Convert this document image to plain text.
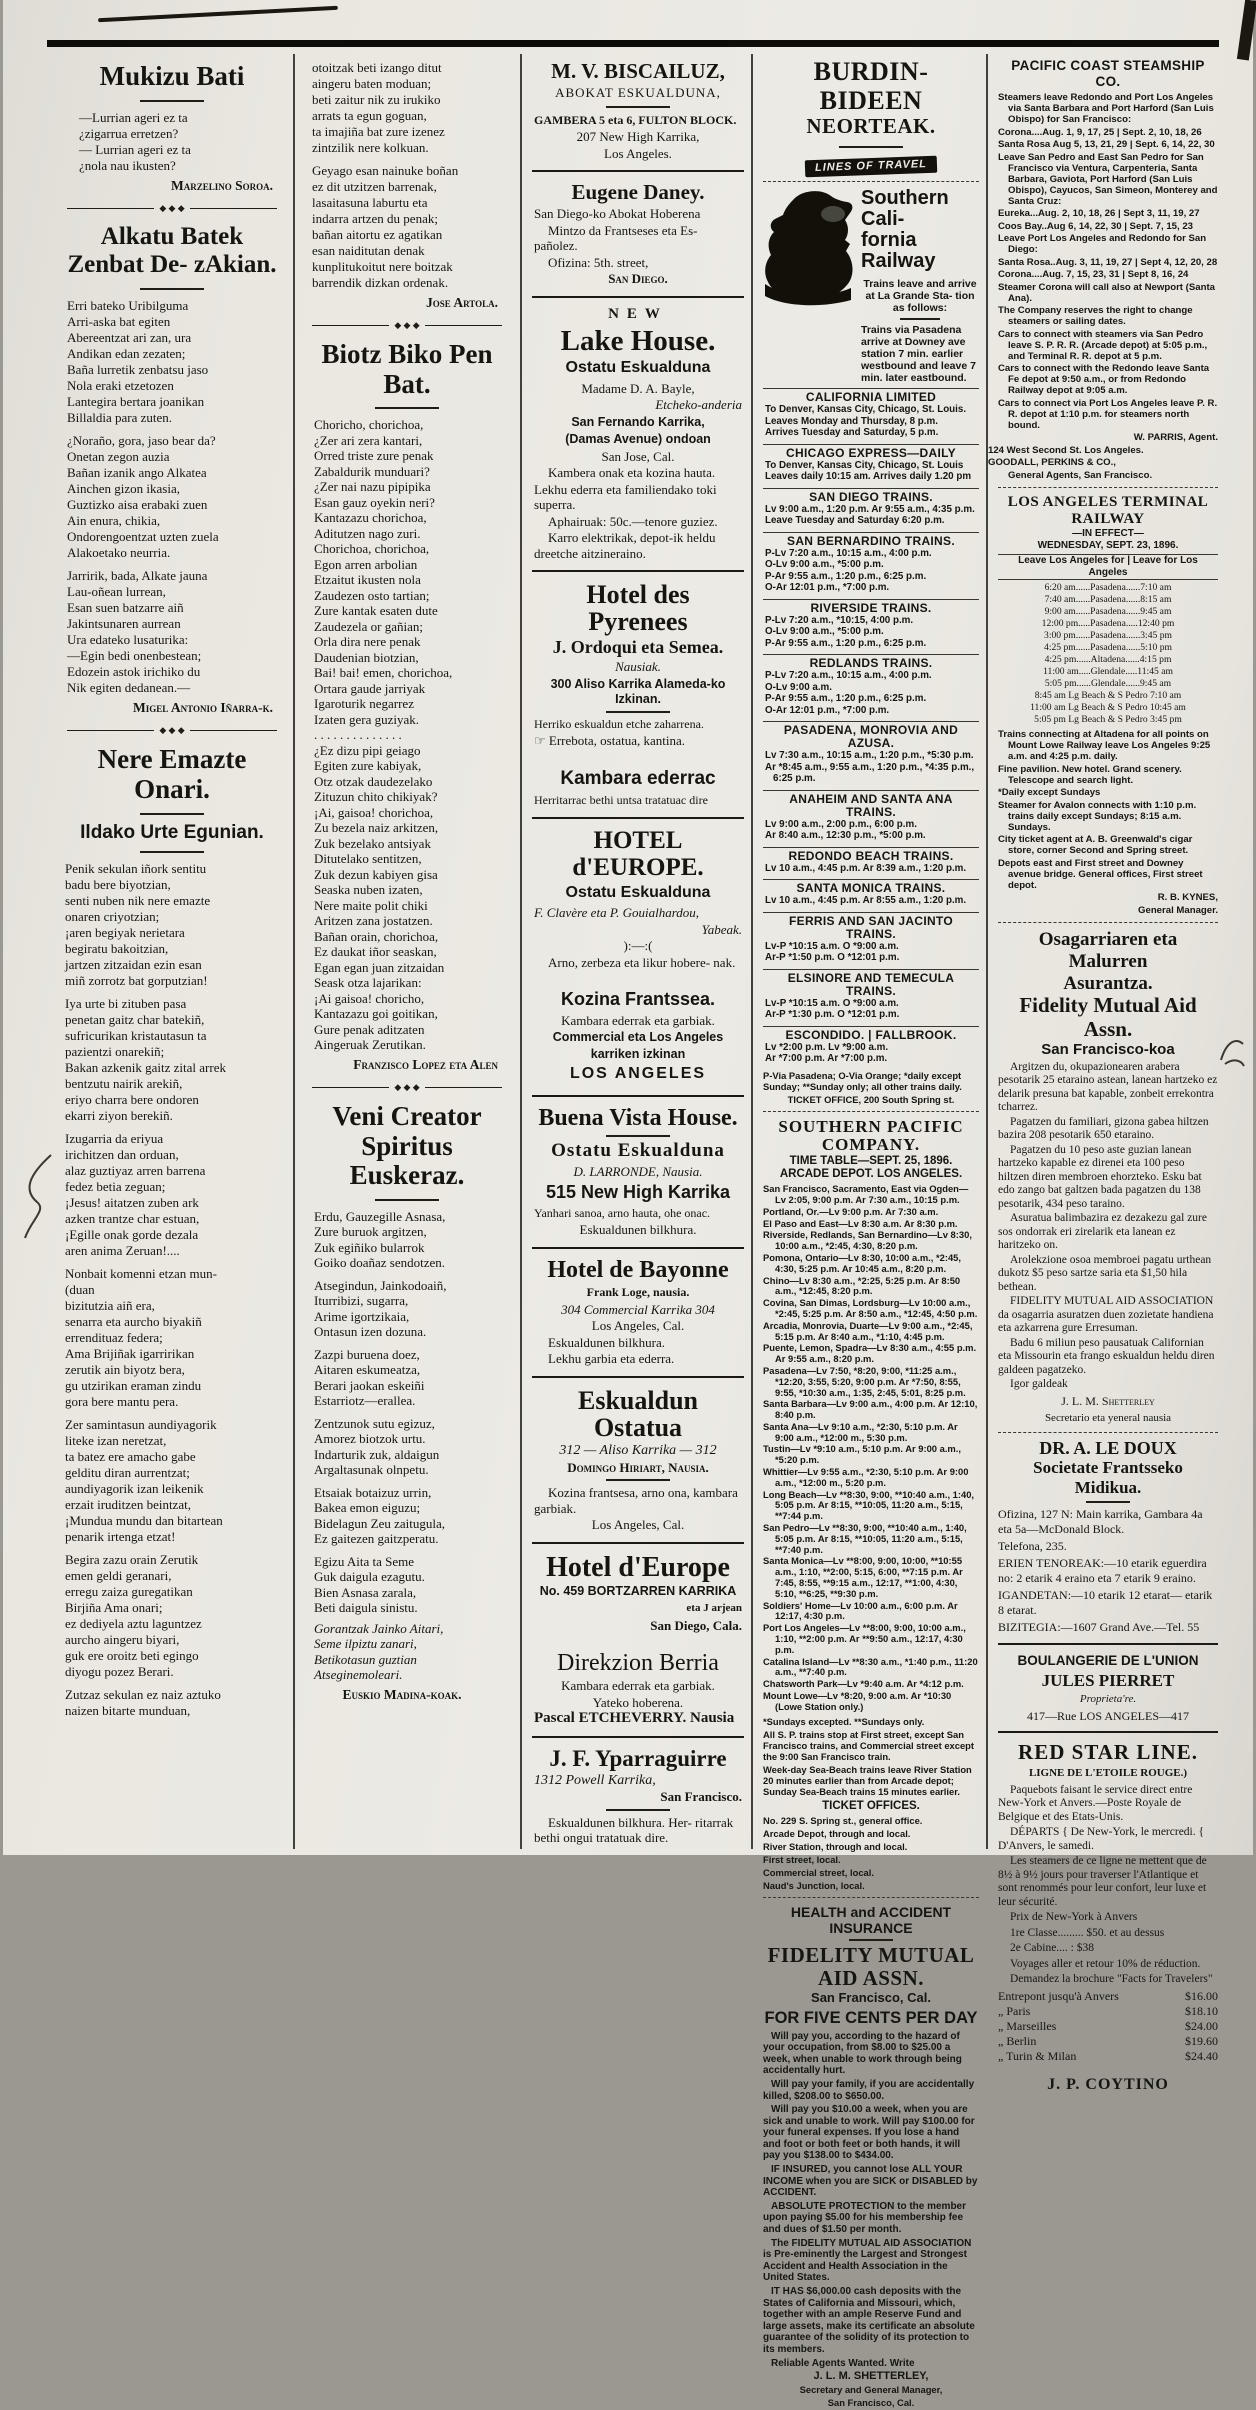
Mukizu Bati
—Lurrian ageri ez ta
¿zigarrua erretzen?
— Lurrian ageri ez ta
¿nola nau ikusten?
Marzelino Soroa.
◆ ◆ ◆
Alkatu Batek Zenbat De- zAkian.
Erri bateko Uribilguma
Arri-aska bat egiten
Abereentzat ari zan, ura
Andikan edan zezaten;
Baña lurretik zenbatsu jaso
Nola eraki etzetozen
Lantegira bertara joanikan
Billaldia para zuten.
¿Noraño, gora, jaso bear da?
Onetan zegon auzia
Bañan izanik ango Alkatea
Ainchen gizon ikasia,
Guztizko aisa erabaki zuen
Ain enura, chikia,
Ondorengoentzat uzten zuela
Alakoetako neurria.
Jarririk, bada, Alkate jauna
Lau-oñean lurrean,
Esan suen batzarre aiñ
Jakintsunaren aurrean
Ura edateko lusaturika:
—Egin bedi onenbestean;
Edozein astok irichiko du
Nik egiten dedanean.—
Migel Antonio Iñarra-k.
◆ ◆ ◆
Nere Emazte Onari.
Ildako Urte Egunian.
Penik sekulan iñork sentitu
badu bere biyotzian,
senti nuben nik nere emazte
onaren criyotzian;
¡aren begiyak nerietara
begiratu bakoitzian,
jartzen zitzaidan ezin esan
miñ zorrotz bat gorputzian!
Iya urte bi zituben pasa
penetan gaitz char batekiñ,
sufricurikan kristautasun ta
pazientzi onarekiñ;
Bakan azkenik gaitz zital arrek
bentzutu nairik arekiñ,
eriyo charra bere ondoren
ekarri ziyon berekiñ.
Izugarria da eriyua
irichitzen dan orduan,
alaz guztiyaz arren barrena
fedez betia zeguan;
¡Jesus! aitatzen zuben ark
azken trantze char estuan,
¡Egille onak gorde dezala
aren anima Zeruan!....
Nonbait komenni etzan mun-
(duan
bizitutzia aiñ era,
senarra eta aurcho biyakiñ
errendituaz federa;
Ama Brijiñak igarririkan
zerutik ain biyotz bera,
gu utzirikan eraman zindu
gora bere mantu pera.
Zer samintasun aundiyagorik
liteke izan neretzat,
ta batez ere amacho gabe
gelditu diran aurrentzat;
aundiyagorik izan leikenik
erzait iruditzen beintzat,
¡Mundua mundu dan bitartean
penarik irtenga etzat!
Begira zazu orain Zerutik
emen geldi geranari,
erregu zaiza guregatikan
Birjiña Ama onari;
ez dediyela aztu laguntzez
aurcho aingeru biyari,
guk ere oroitz beti egingo
diyogu pozez Berari.
Zutzaz sekulan ez naiz aztuko
naizen bitarte munduan,
otoitzak beti izango ditut
aingeru baten moduan;
beti zaitur nik zu irukiko
arrats ta egun goguan,
ta imajiña bat zure izenez
zintzilik nere kolkuan.
Geyago esan nainuke boñan
ez dit utzitzen barrenak,
lasaitasuna laburtu eta
indarra artzen du penak;
bañan aitortu ez agatikan
esan naiditutan denak
kunplitukoitut nere boitzak
barrendik dizkan ordenak.
Jose Artola.
◆ ◆ ◆
Biotz Biko Pen Bat.
Choricho, chorichoa,
¿Zer ari zera kantari,
Orred triste zure penak
Zabaldurik munduari?
¿Zer nai nazu pipipika
Esan gauz oyekin neri?
Kantazazu chorichoa,
Aditutzen nago zuri.
Chorichoa, chorichoa,
Egon arren arbolian
Etzaitut ikusten nola
Zaudezen osto tartian;
Zure kantak esaten dute
Zaudezela or gañian;
Orla dira nere penak
Daudenian biotzian,
Bai! bai! emen, chorichoa,
Ortara gaude jarriyak
Igaroturik negarrez
Izaten gera guziyak.
. . . . . . . . . . . . . .
¿Ez dizu pipi geiago
Egiten zure kabiyak,
Otz otzak daudezelako
Zituzun chito chikiyak?
¡Ai, gaisoa! chorichoa,
Zu bezela naiz arkitzen,
Zuk bezelako antsiyak
Ditutelako sentitzen,
Zuk dezun kabiyen gisa
Seaska nuben izaten,
Nere maite polit chiki
Aritzen zana jostatzen.
Bañan orain, chorichoa,
Ez daukat iñor seaskan,
Egan egan juan zitzaidan
Seask otza lajarikan:
¡Ai gaisoa! choricho,
Kantazazu goi goitikan,
Gure penak aditzaten
Aingeruak Zerutikan.
Franzisco Lopez eta Alen
◆ ◆ ◆
Veni Creator Spiritus Euskeraz.
Erdu, Gauzegille Asnasa,
Zure buruok argitzen,
Zuk egiñiko bularrok
Goiko doañaz sendotzen.
Atsegindun, Jainkodoaiñ,
Iturribizi, sugarra,
Arime igortzikaia,
Ontasun izen dozuna.
Zazpi buruena doez,
Aitaren eskumeatza,
Berari jaokan eskeiñi
Estarriotz—erallea.
Zentzunok sutu egizuz,
Amorez biotzok urtu.
Indarturik zuk, aldaigun
Argaltasunak olnpetu.
Etsaiak botaizuz urrin,
Bakea emon eiguzu;
Bidelagun Zeu zaitugula,
Ez gaitezen gaitzperatu.
Egizu Aita ta Seme
Guk daigula ezagutu.
Bien Asnasa zarala,
Beti daigula sinistu.
Gorantzak Jainko Aitari,
Seme ilpiztu zanari,
Betikotasun guztian
Atseginemoleari.
Euskio Madina-koak.
M. V. BISCAILUZ,
ABOKAT ESKUALDUNA,
GAMBERA 5 eta 6, FULTON BLOCK.
207 New High Karrika,
Los Angeles.
Eugene Daney.
San Diego-ko Abokat Hoberena
Mintzo da Frantseses eta Es- pañolez.
Ofizina: 5th. street,
San Diego.
NEW
Lake House.
Ostatu Eskualduna
Madame D. A. Bayle,
Etcheko-anderia
San Fernando Karrika,
(Damas Avenue) ondoan
San Jose, Cal.
Kambera onak eta kozina hauta.
Lekhu ederra eta familiendako toki superra.
Aphairuak: 50c.—tenore guziez.
Karro elektrikak, depot-ik heldu dreetche aitzineraino.
Hotel des Pyrenees
J. Ordoqui eta Semea.
Nausiak.
300 Aliso Karrika Alameda-ko Izkinan.
Herriko eskualdun etche zaharrena.
☞ Errebota, ostatua, kantina.
Kambara ederrac
Herritarrac bethi untsa tratatuac dire
HOTEL d'EUROPE.
Ostatu Eskualduna
F. Clavère eta P. Gouialhardou,
Yabeak.
):—:(
Arno, zerbeza eta likur hobere- nak.
Kozina Frantssea.
Kambara ederrak eta garbiak.
Commercial eta Los Angeles
karriken izkinan
LOS ANGELES
Buena Vista House.
Ostatu Eskualduna
D. LARRONDE, Nausia.
515 New High Karrika
Yanhari sanoa, arno hauta, ohe onac.
Eskualdunen bilkhura.
Hotel de Bayonne
Frank Loge, nausia.
304 Commercial Karrika 304
Los Angeles, Cal.
Eskualdunen bilkhura.
Lekhu garbia eta ederra.
Eskualdun Ostatua
312 — Aliso Karrika — 312
Domingo Hiriart, Nausia.
Kozina frantsesa, arno ona, kambara garbiak.
Los Angeles, Cal.
Hotel d'Europe
No. 459 BORTZARREN KARRIKA
eta J arjean
San Diego, Cala.
Direkzion Berria
Kambara ederrak eta garbiak.
Yateko hoberena.
Pascal ETCHEVERRY. Nausia
J. F. Yparraguirre
1312 Powell Karrika,
San Francisco.
Eskualdunen bilkhura. Her- ritarrak bethi ongui tratatuak dire.
BURDIN-BIDEEN
NEORTEAK.
LINES OF TRAVEL
Southern Cali-
fornia Railway
Trains leave and arrive at La Grande Sta- tion as follows:
Trains via Pasadena arrive at Downey ave station 7 min. earlier westbound and leave 7 min. later eastbound.
CALIFORNIA LIMITED
To Denver, Kansas City, Chicago, St. Louis.
Leaves Monday and Thursday, 8 p.m.
Arrives Tuesday and Saturday, 5 p.m.
CHICAGO EXPRESS—DAILY
To Denver, Kansas City, Chicago, St. Louis
Leaves daily 10:15 am. Arrives daily 1.20 pm
SAN DIEGO TRAINS.
Lv 9:00 a.m., 1:20 p.m. Ar 9:55 a.m., 4:35 p.m.
Leave Tuesday and Saturday 6:20 p.m.
SAN BERNARDINO TRAINS.
P-Lv 7:20 a.m., 10:15 a.m., 4:00 p.m.
O-Lv 9:00 a.m., *5:00 p.m.
P-Ar 9:55 a.m., 1:20 p.m., 6:25 p.m.
O-Ar 12:01 p.m., *7:00 p.m.
RIVERSIDE TRAINS.
P-Lv 7:20 a.m., *10:15, 4:00 p.m.
O-Lv 9:00 a.m., *5:00 p.m.
P-Ar 9:55 a.m., 1:20 p.m., 6:25 p.m.
REDLANDS TRAINS.
P-Lv 7:20 a.m., 10:15 a.m., 4:00 p.m.
O-Lv 9:00 a.m.
P-Ar 9:55 a.m., 1:20 p.m., 6:25 p.m.
O-Ar 12:01 p.m., *7:00 p.m.
PASADENA, MONROVIA AND AZUSA.
Lv 7:30 a.m., 10:15 a.m., 1:20 p.m., *5:30 p.m.
Ar *8:45 a.m., 9:55 a.m., 1:20 p.m., *4:35 p.m., 6:25 p.m.
ANAHEIM AND SANTA ANA TRAINS.
Lv 9:00 a.m., 2:00 p.m., 6:00 p.m.
Ar 8:40 a.m., 12:30 p.m., *5:00 p.m.
REDONDO BEACH TRAINS.
Lv 10 a.m., 4:45 p.m. Ar 8:39 a.m., 1:20 p.m.
SANTA MONICA TRAINS.
Lv 10 a.m., 4:45 p.m. Ar 8:55 a.m., 1:20 p.m.
FERRIS AND SAN JACINTO TRAINS.
Lv-P *10:15 a.m. O *9:00 a.m.
Ar-P *1:50 p.m. O *12:01 p.m.
ELSINORE AND TEMECULA TRAINS.
Lv-P *10:15 a.m. O *9:00 a.m.
Ar-P *1:30 p.m. O *12:01 p.m.
ESCONDIDO. | FALLBROOK.
Lv *2:00 p.m. Lv *9:00 a.m.
Ar *7:00 p.m. Ar *7:00 p.m.
P-Via Pasadena; O-Via Orange; *daily except Sunday; **Sunday only; all other trains daily.
TICKET OFFICE, 200 South Spring st.
SOUTHERN PACIFIC COMPANY.
TIME TABLE—SEPT. 25, 1896.
ARCADE DEPOT. LOS ANGELES.
San Francisco, Sacramento, East via Ogden—Lv 2:05, 9:00 p.m. Ar 7:30 a.m., 10:15 p.m.
Portland, Or.—Lv 9:00 p.m. Ar 7:30 a.m.
El Paso and East—Lv 8:30 a.m. Ar 8:30 p.m.
Riverside, Redlands, San Bernardino—Lv 8:30, 10:00 a.m., *2:45, 4:30, 8:20 p.m.
Pomona, Ontario—Lv 8:30, 10:00 a.m., *2:45, 4:30, 5:25 p.m. Ar 10:45 a.m., 8:20 p.m.
Chino—Lv 8:30 a.m., *2:25, 5:25 p.m. Ar 8:50 a.m., *12:45, 8:20 p.m.
Covina, San Dimas, Lordsburg—Lv 10:00 a.m., *2:45, 5:25 p.m. Ar 8:50 a.m., *12:45, 4:50 p.m.
Arcadia, Monrovia, Duarte—Lv 9:00 a.m., *2:45, 5:15 p.m. Ar 8:40 a.m., *1:10, 4:45 p.m.
Puente, Lemon, Spadra—Lv 8:30 a.m., 4:55 p.m. Ar 9:55 a.m., 8:20 p.m.
Pasadena—Lv 7:50, *8:20, 9:00, *11:25 a.m., *12:20, 3:55, 5:20, 9:00 p.m. Ar *7:50, 8:55, 9:55, *10:30 a.m., 1:35, 2:45, 5:01, 8:25 p.m.
Santa Barbara—Lv 9:00 a.m., 4:00 p.m. Ar 12:10, 8:40 p.m.
Santa Ana—Lv 9:10 a.m., *2:30, 5:10 p.m. Ar 9:00 a.m., *12:00 m., 5:30 p.m.
Tustin—Lv *9:10 a.m., 5:10 p.m. Ar 9:00 a.m., *5:20 p.m.
Whittier—Lv 9:55 a.m., *2:30, 5:10 p.m. Ar 9:00 a.m., *12:00 m., 5:20 p.m.
Long Beach—Lv **8:30, 9:00, **10:40 a.m., 1:40, 5:05 p.m. Ar 8:15, **10:05, 11:20 a.m., 5:15, **7:44 p.m.
San Pedro—Lv **8:30, 9:00, **10:40 a.m., 1:40, 5:05 p.m. Ar 8:15, **10:05, 11:20 a.m., 5:15, **7:40 p.m.
Santa Monica—Lv **8:00, 9:00, 10:00, **10:55 a.m., 1:10, **2:00, 5:15, 6:00, **7:15 p.m. Ar 7:45, 8:55, **9:15 a.m., 12:17, **1:00, 4:30, 5:10, **6:25, **9:30 p.m.
Soldiers' Home—Lv 10:00 a.m., 6:00 p.m. Ar 12:17, 4:30 p.m.
Port Los Angeles—Lv **8:00, 9:00, 10:00 a.m., 1:10, **2:00 p.m. Ar **9:50 a.m., 12:17, 4:30 p.m.
Catalina Island—Lv **8:30 a.m., *1:40 p.m., 11:20 a.m., **7:40 p.m.
Chatsworth Park—Lv *9:40 a.m. Ar *4:12 p.m.
Mount Lowe—Lv *8:20, 9:00 a.m. Ar *10:30 (Lowe Station only.)
*Sundays excepted. **Sundays only.
All S. P. trains stop at First street, except San Francisco trains, and Commercial street except the 9:00 San Francisco train.
Week-day Sea-Beach trains leave River Station 20 minutes earlier than from Arcade depot; Sunday Sea-Beach trains 15 minutes earlier.
TICKET OFFICES.
No. 229 S. Spring st., general office.
Arcade Depot, through and local.
River Station, through and local.
First street, local.
Commercial street, local.
Naud's Junction, local.
HEALTH and ACCIDENT INSURANCE
FIDELITY MUTUAL AID ASSN.
San Francisco, Cal.
FOR FIVE CENTS PER DAY
Will pay you, according to the hazard of your occupation, from $8.00 to $25.00 a week, when unable to work through being accidentally hurt.
Will pay your family, if you are accidentally killed, $208.00 to $650.00.
Will pay you $10.00 a week, when you are sick and unable to work. Will pay $100.00 for your funeral expenses. If you lose a hand and foot or both feet or both hands, it will pay you $138.00 to $434.00.
IF INSURED, you cannot lose ALL YOUR INCOME when you are SICK or DISABLED by ACCIDENT.
ABSOLUTE PROTECTION to the member upon paying $5.00 for his membership fee and dues of $1.50 per month.
The FIDELITY MUTUAL AID ASSOCIATION is Pre-eminently the Largest and Strongest Accident and Health Association in the United States.
IT HAS $6,000.00 cash deposits with the States of California and Missouri, which, together with an ample Reserve Fund and large assets, make its certificate an absolute guarantee of the solidity of its protection to its members.
Reliable Agents Wanted. Write
J. L. M. SHETTERLEY,
Secretary and General Manager,
San Francisco, Cal.
PACIFIC COAST STEAMSHIP CO.
Steamers leave Redondo and Port Los Angeles via Santa Barbara and Port Harford (San Luis Obispo) for San Francisco:
Corona....Aug. 1, 9, 17, 25 | Sept. 2, 10, 18, 26
Santa Rosa Aug 5, 13, 21, 29 | Sept. 6, 14, 22, 30
Leave San Pedro and East San Pedro for San Francisco via Ventura, Carpenteria, Santa Barbara, Gaviota, Port Harford (San Luis Obispo), Cayucos, San Simeon, Monterey and Santa Cruz:
Eureka...Aug. 2, 10, 18, 26 | Sept 3, 11, 19, 27
Coos Bay..Aug 6, 14, 22, 30 | Sept. 7, 15, 23
Leave Port Los Angeles and Redondo for San Diego:
Santa Rosa..Aug. 3, 11, 19, 27 | Sept 4, 12, 20, 28
Corona....Aug. 7, 15, 23, 31 | Sept 8, 16, 24
Steamer Corona will call also at Newport (Santa Ana).
The Company reserves the right to change steamers or sailing dates.
Cars to connect with steamers via San Pedro leave S. P. R. R. (Arcade depot) at 5:05 p.m., and Terminal R. R. depot at 5 p.m.
Cars to connect with the Redondo leave Santa Fe depot at 9:50 a.m., or from Redondo Railway depot at 9:05 a.m.
Cars to connect via Port Los Angeles leave P. R. R. depot at 1:10 p.m. for steamers north bound.
W. PARRIS, Agent.
124 West Second St. Los Angeles.
GOODALL, PERKINS & CO.,
General Agents, San Francisco.
LOS ANGELES TERMINAL RAILWAY
—IN EFFECT—
WEDNESDAY, SEPT. 23, 1896.
Leave Los Angeles for | Leave for Los Angeles
6:20 am......Pasadena......7:10 am
7:40 am......Pasadena......8:15 am
9:00 am......Pasadena......9:45 am
12:00 pm.....Pasadena.....12:40 pm
3:00 pm......Pasadena......3:45 pm
4:25 pm......Pasadena......5:10 pm
4:25 pm......Altadena......4:15 pm
11:00 am.....Glendale.....11:45 am
5:05 pm......Glendale......9:45 am
8:45 am Lg Beach & S Pedro 7:10 am
11:00 am Lg Beach & S Pedro 10:45 am
5:05 pm Lg Beach & S Pedro 3:45 pm
Trains connecting at Altadena for all points on Mount Lowe Railway leave Los Angeles 9:25 a.m. and 4:25 p.m. daily.
Fine pavilion. New hotel. Grand scenery. Telescope and search light.
*Daily except Sundays
Steamer for Avalon connects with 1:10 p.m. trains daily except Sundays; 8:15 a.m. Sundays.
City ticket agent at A. B. Greenwald's cigar store, corner Second and Spring street.
Depots east and First street and Downey avenue bridge. General offices, First street depot.
R. B. KYNES,
General Manager.
Osagarriaren eta Malurren
Asurantza.
Fidelity Mutual Aid Assn.
San Francisco-koa
Argitzen du, okupazionearen arabera pesotarik 25 etaraino astean, lanean hartzeko ez delarik presuna bat kapable, zonbeit errekontra tcharrez.
Pagatzen du familiari, gizona gabea hiltzen bazira 208 pesotarik 650 etaraino.
Pagatzen du 10 peso aste guzian lanean hartzeko kapable ez direnei eta 100 peso hiltzen diren membroen ehorzteko. Esku bat edo zango bat galtzen bada pagatzen du 138 pesotarik, 434 peso taraino.
Asuratua balimbazira ez dezakezu gal zure sos ondorrak eri zirelarik eta lanean ez haritzeko on.
Arolekzione osoa membroei pagatu urthean dukotz $5 peso sartze saria eta $1,50 hila bethean.
FIDELITY MUTUAL AID ASSOCIATION da osagarria asuratzen duen zozietate handiena eta azkarrena gure Erresuman.
Badu 6 miliun peso pausatuak Californian eta Missourin eta frango eskualdun heldu diren galdeen pagatzeko.
Igor galdeak
J. L. M. Shetterley
Secretario eta yeneral nausia
DR. A. LE DOUX
Societate Frantsseko Midikua.
Ofizina, 127 N: Main karrika, Gambara 4a eta 5a—McDonald Block.
Telefona, 235.
ERIEN TENOREAK:—10 etarik eguerdira no: 2 etarik 4 eraino eta 7 etarik 9 eraino.
IGANDETAN:—10 etarik 12 etarat— etarik 8 etarat.
BIZITEGIA:—1607 Grand Ave.—Tel. 55
BOULANGERIE DE L'UNION
JULES PIERRET
Proprieta're.
417—Rue LOS ANGELES—417
RED STAR LINE.
LIGNE DE L'ETOILE ROUGE.)
Paquebots faisant le service direct entre New-York et Anvers.—Poste Royale de Belgique et des Etats-Unis.
DÉPARTS { De New-York, le mercredi. { D'Anvers, le samedi.
Les steamers de ce ligne ne mettent que de 8½ à 9½ jours pour traverser l'Atlantique et sont renommés pour leur confort, leur luxe et leur sécurité.
Prix de New-York à Anvers
1re Classe......... $50. et au dessus
2e Cabine.... : $38
Voyages aller et retour 10% de réduction.
Demandez la brochure "Facts for Travelers"
Entrepont jusqu'à Anvers	$16.00
„ Paris	$18.10
„ Marseilles	$24.00
„ Berlin	$19.60
„ Turin & Milan	$24.40
J. P. COYTINO
